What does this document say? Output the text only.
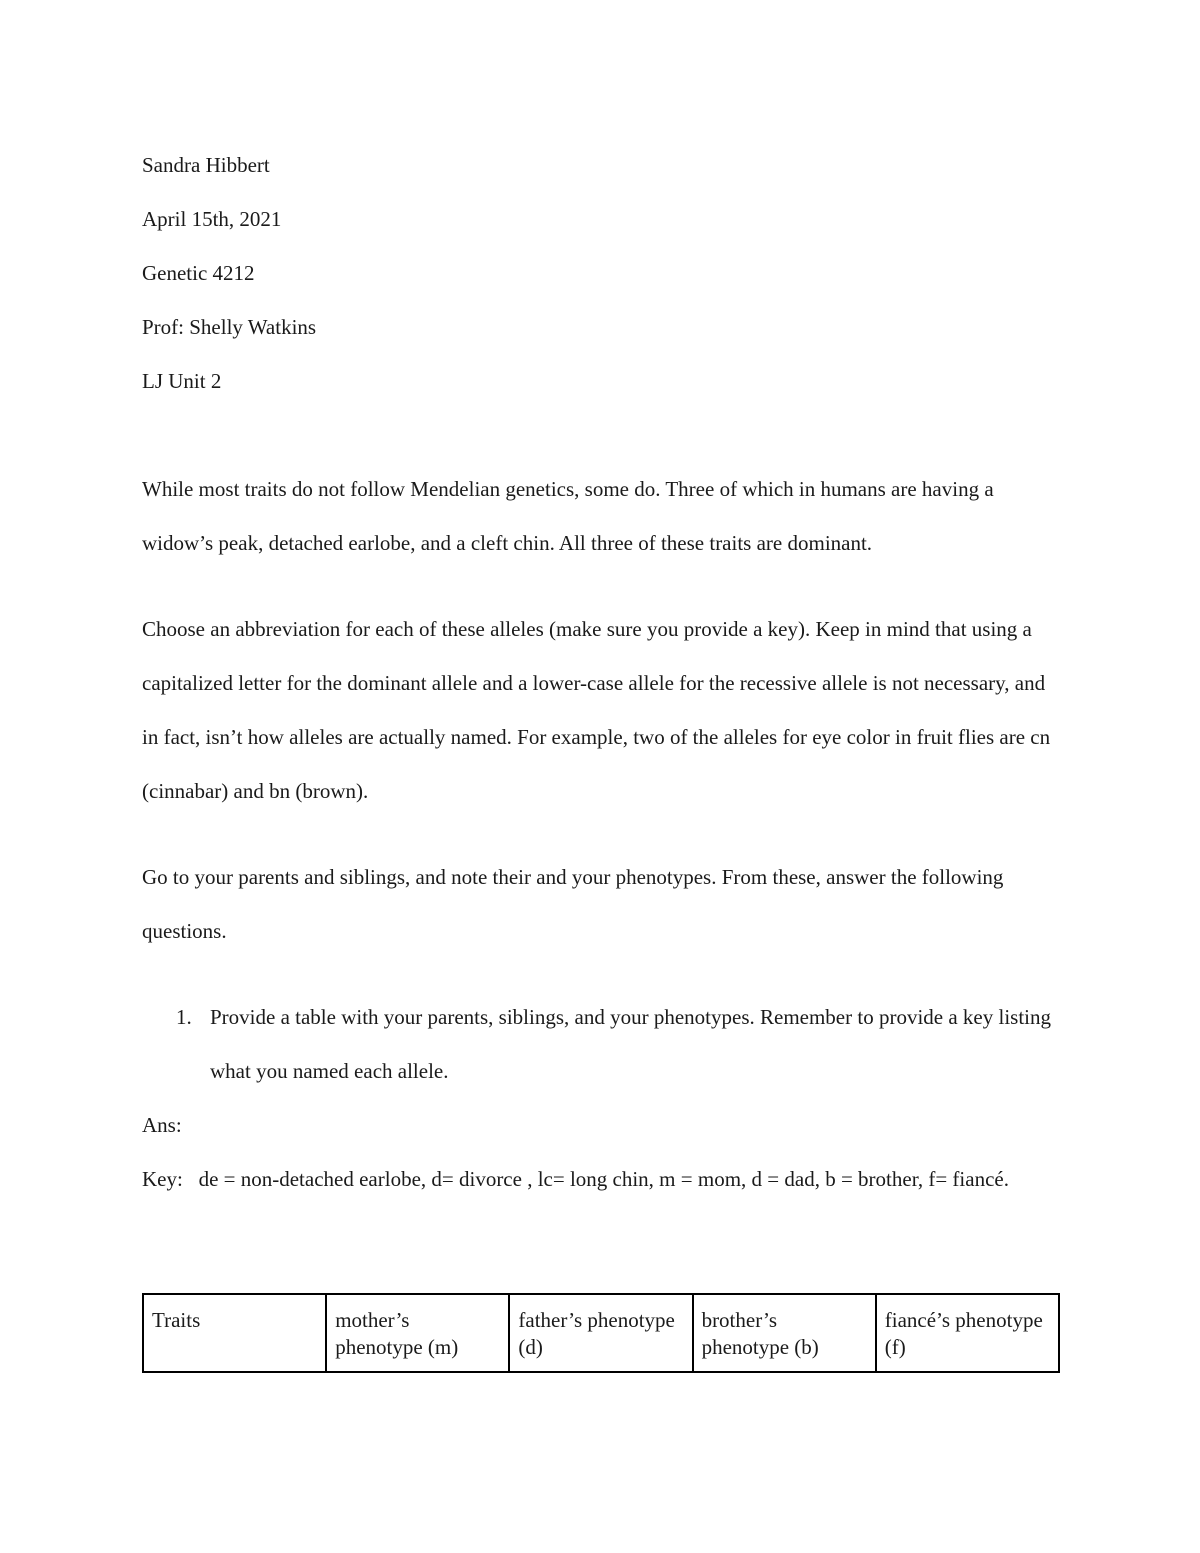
Sandra Hibbert

April 15th, 2021

Genetic 4212

Prof: Shelly Watkins

LJ Unit 2

While most traits do not follow Mendelian genetics, some do. Three of which in humans are having a widow’s peak, detached earlobe, and a cleft chin. All three of these traits are dominant.

Choose an abbreviation for each of these alleles (make sure you provide a key). Keep in mind that using a capitalized letter for the dominant allele and a lower-case allele for the recessive allele is not necessary, and in fact, isn’t how alleles are actually named. For example, two of the alleles for eye color in fruit flies are cn (cinnabar) and bn (brown).

Go to your parents and siblings, and note their and your phenotypes. From these, answer the following questions.

1. Provide a table with your parents, siblings, and your phenotypes. Remember to provide a key listing what you named each allele.

Ans:

Key:   de = non-detached earlobe, d= divorce , lc= long chin, m = mom, d = dad, b = brother, f= fiancé.

Traits	mother’s phenotype (m)	father’s phenotype (d)	brother’s phenotype (b)	fiancé’s phenotype (f)
